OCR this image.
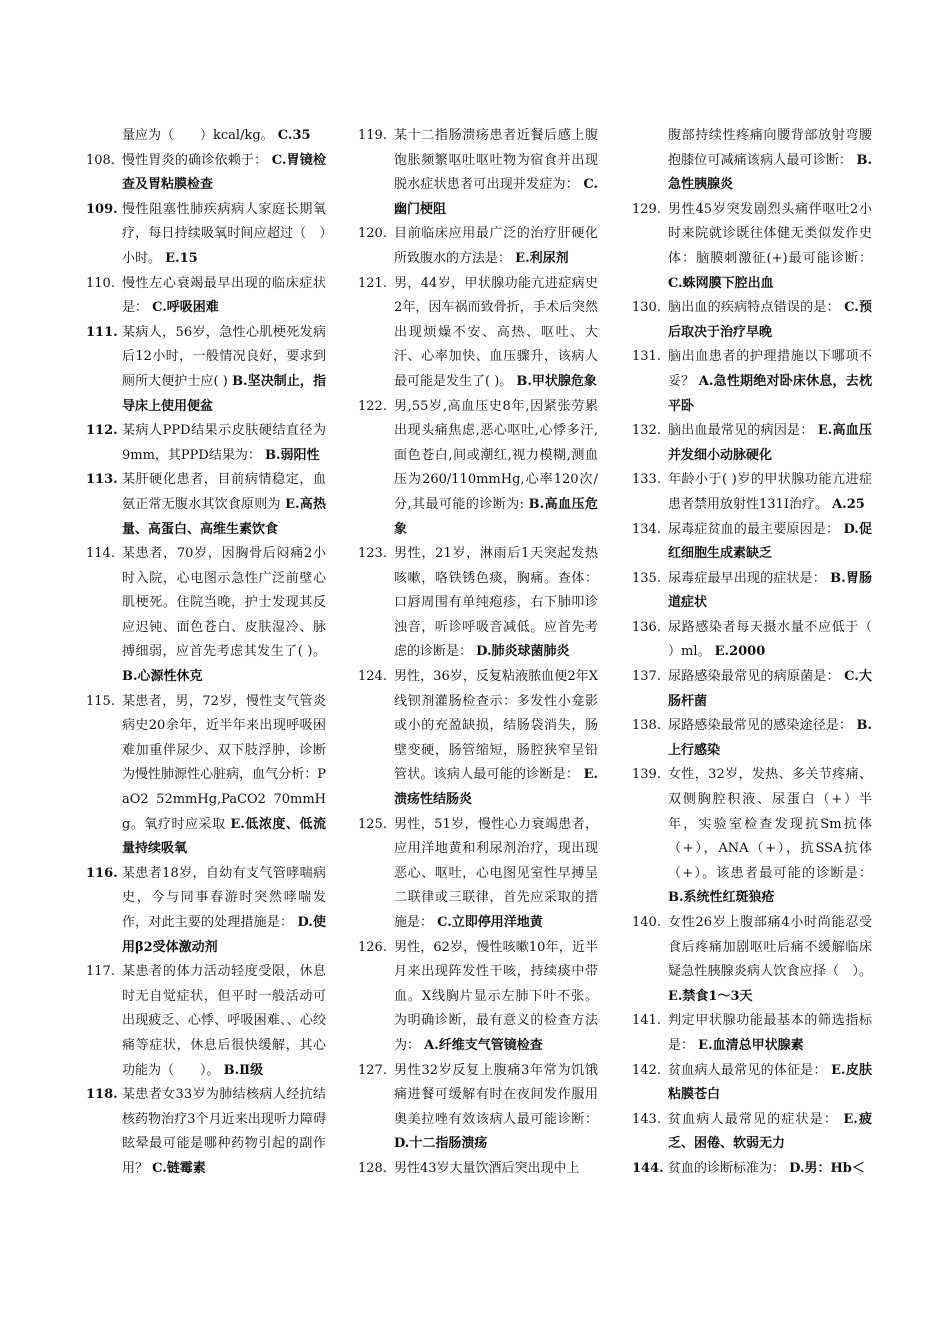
量应为（　　）kcal/kg。 C.35
108. 慢性胃炎的确诊依赖于： C.胃镜检查及胃粘膜检查
109. 慢性阻塞性肺疾病病人家庭长期氧疗，每日持续吸氧时间应超过（　）小时。 E.15
110. 慢性左心衰竭最早出现的临床症状是： C.呼吸困难
111. 某病人，56岁，急性心肌梗死发病后12小时，一般情况良好，要求到厕所大便护士应( ) B.坚决制止，指导床上使用便盆
112. 某病人PPD结果示皮肤硬结直径为9mm，其PPD结果为： B.弱阳性
113. 某肝硬化患者，目前病情稳定，血氨正常无腹水其饮食原则为 E.高热量、高蛋白、高维生素饮食
114. 某患者，70岁，因胸骨后闷痛2小时入院，心电图示急性广泛前壁心肌梗死。住院当晚，护士发现其反应迟钝、面色苍白、皮肤湿冷、脉搏细弱，应首先考虑其发生了( )。 B.心源性休克
115. 某患者，男，72岁，慢性支气管炎病史20余年，近半年来出现呼吸困难加重伴尿少、双下肢浮肿，诊断为慢性肺源性心脏病，血气分析：PaO2 52mmHg,PaCO2 70mmHg。氧疗时应采取 E.低浓度、低流量持续吸氧
116. 某患者18岁，自幼有支气管哮喘病史，今与同事春游时突然哮喘发作，对此主要的处理措施是： D.使用β2受体激动剂
117. 某患者的体力活动轻度受限，休息时无自觉症状，但平时一般活动可出现疲乏、心悸、呼吸困难、、心绞痛等症状，休息后很快缓解，其心功能为（　　）。 B.Ⅱ级
118. 某患者女33岁为肺结核病人经抗结核药物治疗3个月近来出现听力障碍眩晕最可能是哪种药物引起的副作用？ C.链霉素
119. 某十二指肠溃疡患者近餐后感上腹饱胀频繁呕吐呕吐物为宿食并出现脱水症状患者可出现并发症为： C.幽门梗阻
120. 目前临床应用最广泛的治疗肝硬化所致腹水的方法是： E.利尿剂
121. 男，44岁，甲状腺功能亢进症病史2年，因车祸而致骨折，手术后突然出现烦燥不安、高热、呕吐、大汗、心率加快、血压骤升，该病人最可能是发生了( )。 B.甲状腺危象
122. 男,55岁,高血压史8年,因紧张劳累出现头痛焦虑,恶心呕吐,心悸多汗,面色苍白,间或潮红,视力模糊,测血压为260/110mmHg,心率120次/分,其最可能的诊断为: B.高血压危象
123. 男性，21岁，淋雨后1天突起发热咳嗽，咯铁锈色痰，胸痛。查体：口唇周围有单纯疱疹，右下肺叩诊浊音，听诊呼吸音减低。应首先考虑的诊断是： D.肺炎球菌肺炎
124. 男性，36岁，反复粘液脓血便2年X线钡剂灌肠检查示：多发性小龛影或小的充盈缺损，结肠袋消失，肠壁变硬，肠管缩短，肠腔狭窄呈铅管状。该病人最可能的诊断是： E.溃疡性结肠炎
125. 男性，51岁，慢性心力衰竭患者，应用洋地黄和利尿剂治疗，现出现恶心、呕吐，心电图见室性早搏呈二联律或三联律，首先应采取的措施是： C.立即停用洋地黄
126. 男性，62岁，慢性咳嗽10年，近半月来出现阵发性干咳，持续痰中带血。X线胸片显示左肺下叶不张。为明确诊断，最有意义的检查方法为： A.纤维支气管镜检查
127. 男性32岁反复上腹痛3年常为饥饿痛进餐可缓解有时在夜间发作服用奥美拉唑有效该病人最可能诊断： D.十二指肠溃疡
128. 男性43岁大量饮酒后突出现中上
腹部持续性疼痛向腰背部放射弯腰抱膝位可减痛该病人最可诊断： B.急性胰腺炎
129. 男性45岁突发剧烈头痛伴呕吐2小时来院就诊既往体健无类似发作史体：脑膜刺激征(+)最可能诊断： C.蛛网膜下腔出血
130. 脑出血的疾病特点错误的是： C.预后取决于治疗早晚
131. 脑出血患者的护理措施以下哪项不妥？ A.急性期绝对卧床休息，去枕平卧
132. 脑出血最常见的病因是： E.高血压并发细小动脉硬化
133. 年龄小于( )岁的甲状腺功能亢进症患者禁用放射性131I治疗。 A.25
134. 尿毒症贫血的最主要原因是： D.促红细胞生成素缺乏
135. 尿毒症最早出现的症状是： B.胃肠道症状
136. 尿路感染者每天摄水量不应低于（　　）ml。 E.2000
137. 尿路感染最常见的病原菌是： C.大肠杆菌
138. 尿路感染最常见的感染途径是： B.上行感染
139. 女性，32岁，发热、多关节疼痛、双侧胸腔积液、尿蛋白（+）半年，实验室检查发现抗Sm抗体（+），ANA（+），抗SSA抗体（+）。该患者最可能的诊断是： B.系统性红斑狼疮
140. 女性26岁上腹部痛4小时尚能忍受食后疼痛加剧呕吐后痛不缓解临床疑急性胰腺炎病人饮食应择（　）。 E.禁食1～3天
141. 判定甲状腺功能最基本的筛选指标是： E.血清总甲状腺素
142. 贫血病人最常见的体征是： E.皮肤粘膜苍白
143. 贫血病人最常见的症状是： E.疲乏、困倦、软弱无力
144. 贫血的诊断标准为： D.男：Hb＜
